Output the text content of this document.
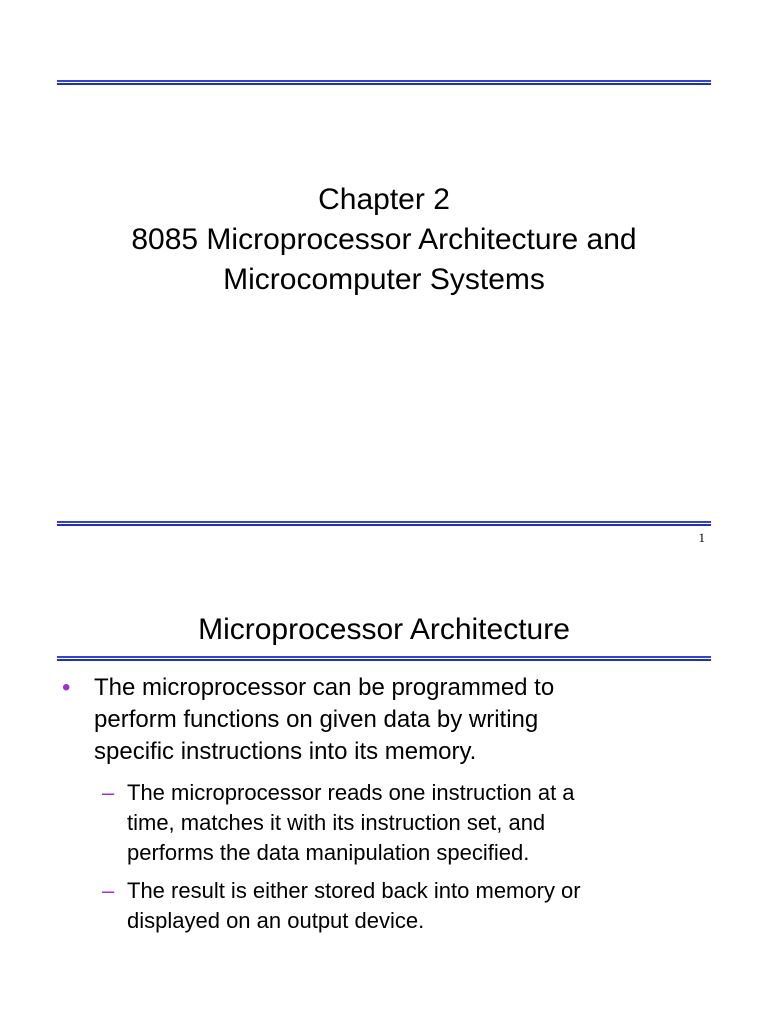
Chapter 2
8085 Microprocessor Architecture and
Microcomputer Systems
1
Microprocessor Architecture
• The microprocessor can be programmed to
perform functions on given data by writing
specific instructions into its memory.
– The microprocessor reads one instruction at a
time, matches it with its instruction set, and
performs the data manipulation specified.
– The result is either stored back into memory or
displayed on an output device.
